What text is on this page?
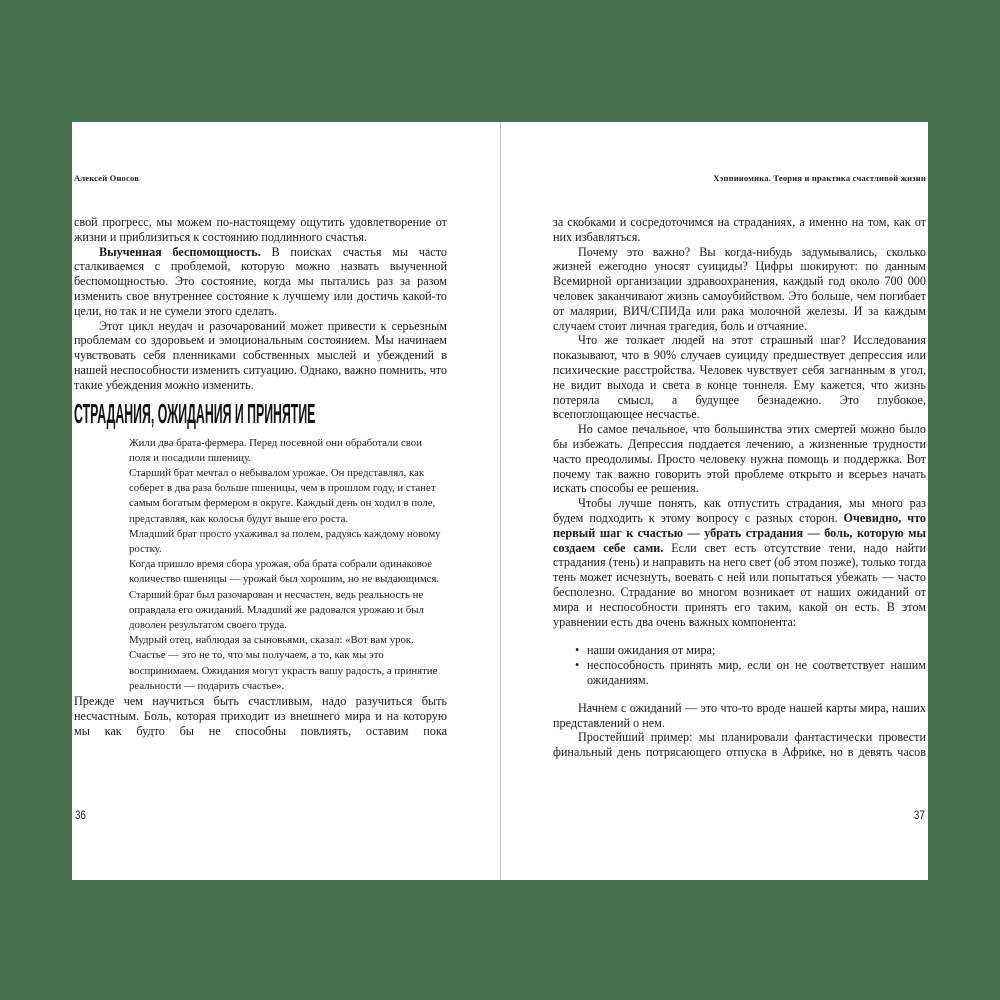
Алексей Оносов

свой прогресс, мы можем по-настоящему ощутить удовлетворение от жизни и приблизиться к состоянию подлинного счастья.

Выученная беспомощность. В поисках счастья мы часто сталкиваемся с проблемой, которую можно назвать выученной беспомощностью. Это состояние, когда мы пытались раз за разом изменить свое внутреннее состояние к лучшему или достичь какой-то цели, но так и не сумели этого сделать.

Этот цикл неудач и разочарований может привести к серьезным проблемам со здоровьем и эмоциональным состоянием. Мы начинаем чувствовать себя пленниками собственных мыслей и убеждений в нашей неспособности изменить ситуацию. Однако, важно помнить, что такие убеждения можно изменить.

СТРАДАНИЯ, ОЖИДАНИЯ И ПРИНЯТИЕ

Жили два брата-фермера. Перед посевной они обработали свои поля и посадили пшеницу.

Старший брат мечтал о небывалом урожае. Он представлял, как соберет в два раза больше пшеницы, чем в прошлом году, и станет самым богатым фермером в округе. Каждый день он ходил в поле, представляя, как колосья будут выше его роста.

Младший брат просто ухаживал за полем, радуясь каждому новому ростку.

Когда пришло время сбора урожая, оба брата собрали одинаковое количество пшеницы — урожай был хорошим, но не выдающимся.

Старший брат был разочарован и несчастен, ведь реальность не оправдала его ожиданий. Младший же радовался урожаю и был доволен результатом своего труда.

Мудрый отец, наблюдая за сыновьями, сказал: «Вот вам урок. Счастье — это не то, что мы получаем, а то, как мы это воспринимаем. Ожидания могут украсть вашу радость, а принятие реальности — подарить счастье».

Прежде чем научиться быть счастливым, надо разучиться быть несчастным. Боль, которая приходит из внешнего мира и на которую мы как будто бы не способны повлиять, оставим пока

36
Хэппиномика. Теория и практика счастливой жизни

за скобками и сосредоточимся на страданиях, а именно на том, как от них избавляться.

Почему это важно? Вы когда-нибудь задумывались, сколько жизней ежегодно уносят суициды? Цифры шокируют: по данным Всемирной организации здравоохранения, каждый год около 700 000 человек заканчивают жизнь самоубийством. Это больше, чем погибает от малярии, ВИЧ/СПИДа или рака молочной железы. И за каждым случаем стоит личная трагедия, боль и отчаяние.

Что же толкает людей на этот страшный шаг? Исследования показывают, что в 90% случаев суициду предшествует депрессия или психические расстройства. Человек чувствует себя загнанным в угол, не видит выхода и света в конце тоннеля. Ему кажется, что жизнь потеряла смысл, а будущее безнадежно. Это глубокое, всепоглощающее несчастье.

Но самое печальное, что большинства этих смертей можно было бы избежать. Депрессия поддается лечению, а жизненные трудности часто преодолимы. Просто человеку нужна помощь и поддержка. Вот почему так важно говорить этой проблеме открыто и всерьез начать искать способы ее решения.

Чтобы лучше понять, как отпустить страдания, мы много раз будем подходить к этому вопросу с разных сторон. Очевидно, что первый шаг к счастью — убрать страдания — боль, которую мы создаем себе сами. Если свет есть отсутствие тени, надо найти страдания (тень) и направить на него свет (об этом позже), только тогда тень может исчезнуть, воевать с ней или попытаться убежать — часто бесполезно. Страдание во многом возникает от наших ожиданий от мира и неспособности принять его таким, какой он есть. В этом уравнении есть два очень важных компонента:

• наши ожидания от мира;
• неспособность принять мир, если он не соответствует нашим ожиданиям.

Начнем с ожиданий — это что-то вроде нашей карты мира, наших представлений о нем.

Простейший пример: мы планировали фантастически провести финальный день потрясающего отпуска в Африке, но в девять часов

37
